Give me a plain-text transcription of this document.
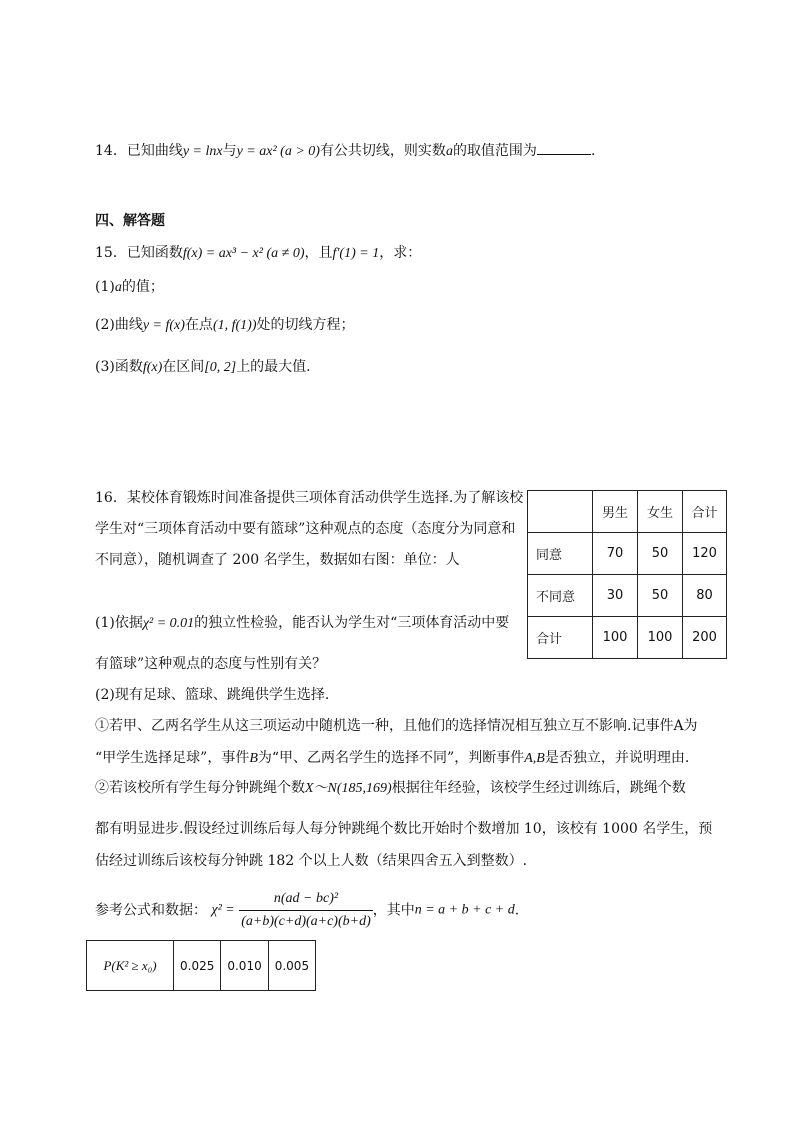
14．已知曲线y = lnx与y = ax² (a > 0)有公共切线，则实数a的取值范围为	.
四、解答题
15．已知函数f(x) = ax³ − x² (a ≠ 0)，且f′(1) = 1，求：
(1)a的值；
(2)曲线y = f(x)在点(1, f(1))处的切线方程；
(3)函数f(x)在区间[0, 2]上的最大值.
16．某校体育锻炼时间准备提供三项体育活动供学生选择.为了解该校
学生对“三项体育活动中要有篮球”这种观点的态度（态度分为同意和
不同意），随机调查了 200 名学生，数据如右图：单位：人
(1)依据χ² = 0.01的独立性检验，能否认为学生对“三项体育活动中要
有篮球”这种观点的态度与性别有关？
(2)现有足球、篮球、跳绳供学生选择.
①若甲、乙两名学生从这三项运动中随机选一种，且他们的选择情况相互独立互不影响.记事件A为
“甲学生选择足球”，事件B为“甲、乙两名学生的选择不同”，判断事件A,B是否独立，并说明理由.
②若该校所有学生每分钟跳绳个数X～N(185,169)根据往年经验，该校学生经过训练后，跳绳个数
都有明显进步.假设经过训练后每人每分钟跳绳个数比开始时个数增加 10，该校有 1000 名学生，预
估经过训练后该校每分钟跳 182 个以上人数（结果四舍五入到整数）.
参考公式和数据： $\chi^2 = \frac{\text{n(ad − bc)²}}{(a+b)(c+d)(a+c)(b+d)}$ ，其中n = a + b + c + d.
	男生	女生	合计
同意	70	50	120
不同意	30	50	80
合计	100	100	200
P(K² ≥ x₀)	0.025	0.010	0.005
